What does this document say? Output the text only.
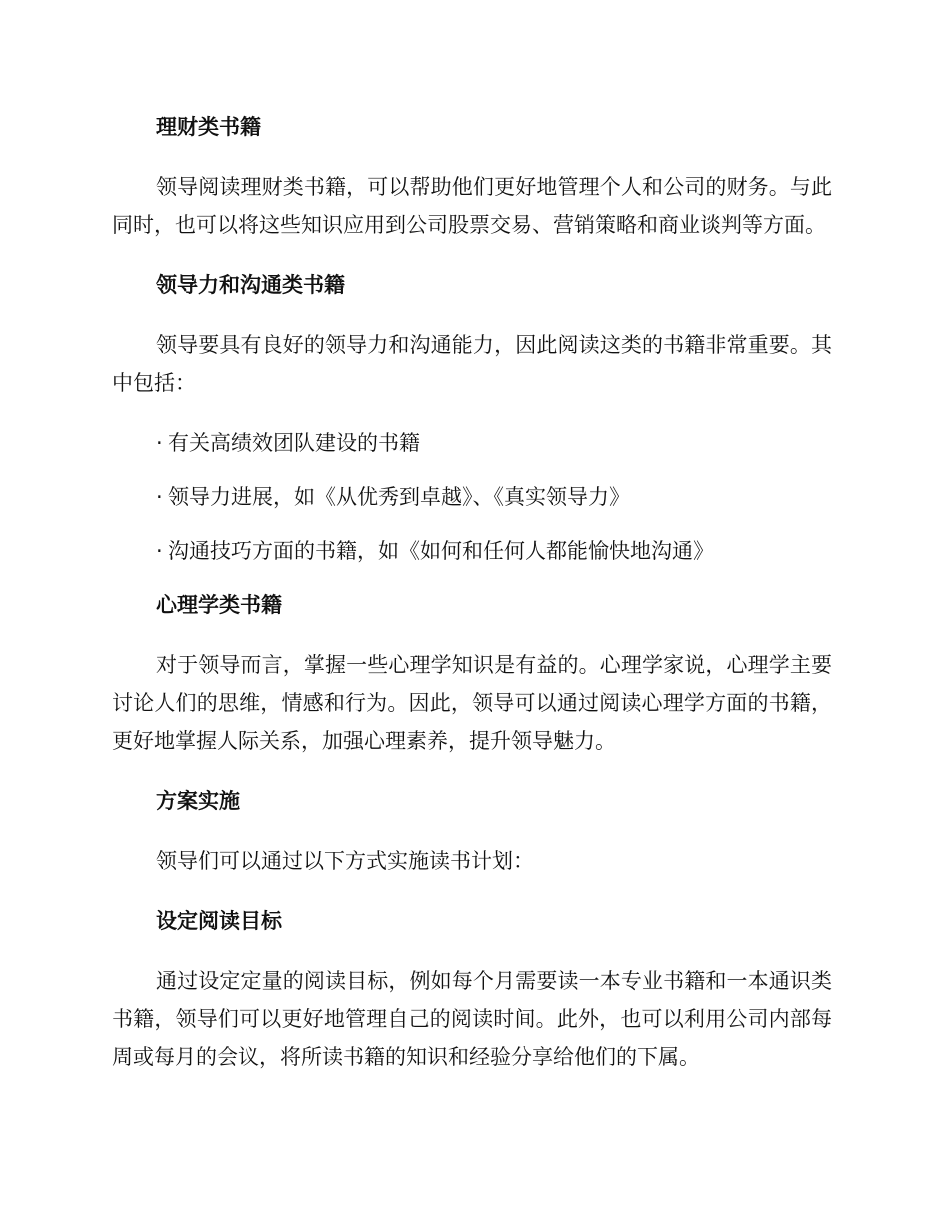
理财类书籍

领导阅读理财类书籍，可以帮助他们更好地管理个人和公司的财务。与此同时，也可以将这些知识应用到公司股票交易、营销策略和商业谈判等方面。

领导力和沟通类书籍

领导要具有良好的领导力和沟通能力，因此阅读这类的书籍非常重要。其中包括：

· 有关高绩效团队建设的书籍

· 领导力进展，如《从优秀到卓越》、《真实领导力》

· 沟通技巧方面的书籍，如《如何和任何人都能愉快地沟通》

心理学类书籍

对于领导而言，掌握一些心理学知识是有益的。心理学家说，心理学主要讨论人们的思维，情感和行为。因此，领导可以通过阅读心理学方面的书籍，更好地掌握人际关系，加强心理素养，提升领导魅力。

方案实施

领导们可以通过以下方式实施读书计划：

设定阅读目标

通过设定定量的阅读目标，例如每个月需要读一本专业书籍和一本通识类书籍，领导们可以更好地管理自己的阅读时间。此外，也可以利用公司内部每周或每月的会议，将所读书籍的知识和经验分享给他们的下属。
